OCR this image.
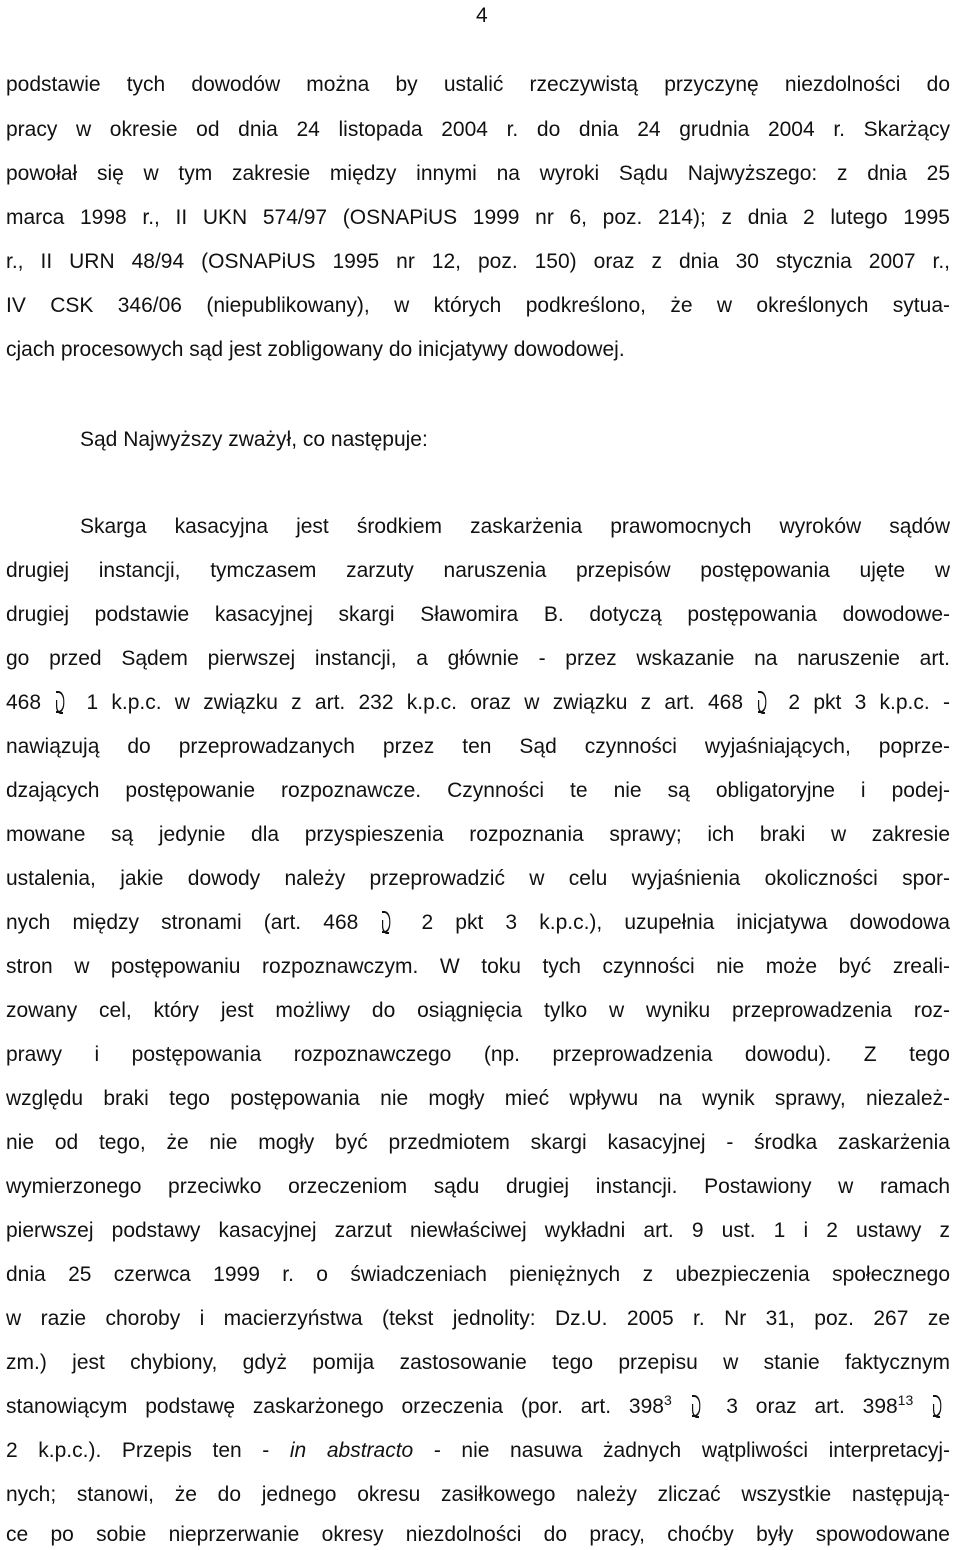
4
podstawie tych dowodów można by ustalić rzeczywistą przyczynę niezdolności do
pracy w okresie od dnia 24 listopada 2004 r. do dnia 24 grudnia 2004 r. Skarżący
powołał się w tym zakresie między innymi na wyroki Sądu Najwyższego: z dnia 25
marca 1998 r., II UKN 574/97 (OSNAPiUS 1999 nr 6, poz. 214); z dnia 2 lutego 1995
r., II URN 48/94 (OSNAPiUS 1995 nr 12, poz. 150) oraz z dnia 30 stycznia 2007 r.,
IV CSK 346/06 (niepublikowany), w których podkreślono, że w określonych sytua-
cjach procesowych sąd jest zobligowany do inicjatywy dowodowej.
Sąd Najwyższy zważył, co następuje:
Skarga kasacyjna jest środkiem zaskarżenia prawomocnych wyroków sądów
drugiej instancji, tymczasem zarzuty naruszenia przepisów postępowania ujęte w
drugiej podstawie kasacyjnej skargi Sławomira B. dotyczą postępowania dowodowe-
go przed Sądem pierwszej instancji, a głównie - przez wskazanie na naruszenie art.
468 1 k.p.c. w związku z art. 232 k.p.c. oraz w związku z art. 468 2 pkt 3 k.p.c. -
nawiązują do przeprowadzanych przez ten Sąd czynności wyjaśniających, poprze-
dzających postępowanie rozpoznawcze. Czynności te nie są obligatoryjne i podej-
mowane są jedynie dla przyspieszenia rozpoznania sprawy; ich braki w zakresie
ustalenia, jakie dowody należy przeprowadzić w celu wyjaśnienia okoliczności spor-
nych między stronami (art. 468	2 pkt 3 k.p.c.), uzupełnia inicjatywa dowodowa
stron w postępowaniu rozpoznawczym. W toku tych czynności nie może być zreali-
zowany cel, który jest możliwy do osiągnięcia tylko w wyniku przeprowadzenia roz-
prawy i postępowania rozpoznawczego (np. przeprowadzenia dowodu). Z tego
względu braki tego postępowania nie mogły mieć wpływu na wynik sprawy, niezależ-
nie od tego, że nie mogły być przedmiotem skargi kasacyjnej - środka zaskarżenia
wymierzonego przeciwko orzeczeniom sądu drugiej instancji. Postawiony w ramach
pierwszej podstawy kasacyjnej zarzut niewłaściwej wykładni art. 9 ust. 1 i 2 ustawy z
dnia 25 czerwca 1999 r. o świadczeniach pieniężnych z ubezpieczenia społecznego
w razie choroby i macierzyństwa (tekst jednolity: Dz.U. 2005 r. Nr 31, poz. 267 ze
zm.) jest chybiony, gdyż pomija zastosowanie tego przepisu w stanie faktycznym
stanowiącym podstawę zaskarżonego orzeczenia (por. art. $398^3$	3 oraz art. $398^{13}$
2 k.p.c.). Przepis ten - in abstracto - nie nasuwa żadnych wątpliwości interpretacyj-
nych; stanowi, że do jednego okresu zasiłkowego należy zliczać wszystkie następują-
ce po sobie nieprzerwanie okresy niezdolności do pracy, choćby były spowodowane
